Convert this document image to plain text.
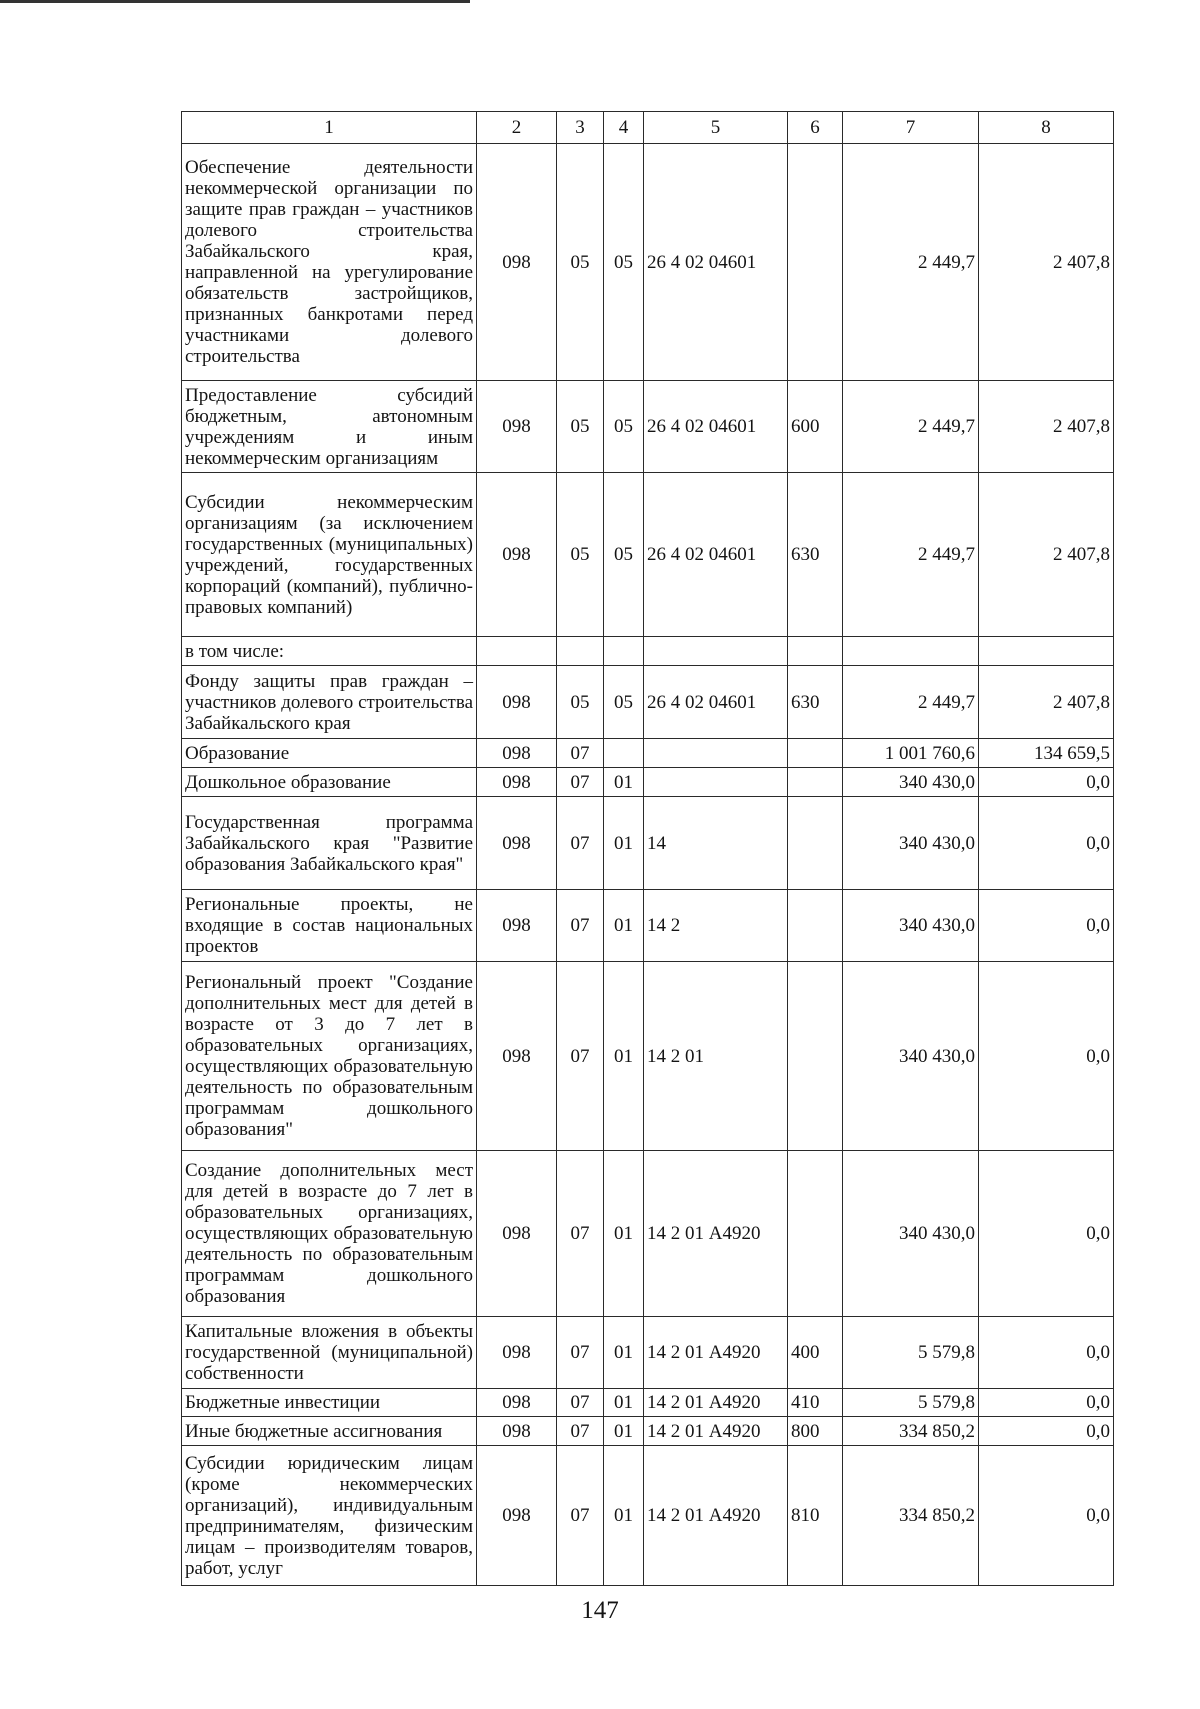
1	2	3	4	5	6	7	8
Обеспечение деятельности некоммерческой организации по защите прав граждан – участников долевого строительства Забайкальского края, направленной на урегулирование обязательств застройщиков, признанных банкротами перед участниками долевого строительства	098	05	05	26 4 02 04601		2 449,7	2 407,8
Предоставление субсидий бюджетным, автономным учреждениям и иным некоммерческим организациям	098	05	05	26 4 02 04601	600	2 449,7	2 407,8
Субсидии некоммерческим организациям (за исключением государственных (муниципальных) учреждений, государственных корпораций (компаний), публично-правовых компаний)	098	05	05	26 4 02 04601	630	2 449,7	2 407,8
в том числе:							
Фонду защиты прав граждан – участников долевого строительства Забайкальского края	098	05	05	26 4 02 04601	630	2 449,7	2 407,8
Образование	098	07				1 001 760,6	134 659,5
Дошкольное образование	098	07	01			340 430,0	0,0
Государственная программа Забайкальского края "Развитие образования Забайкальского края"	098	07	01	14		340 430,0	0,0
Региональные проекты, не входящие в состав национальных проектов	098	07	01	14 2		340 430,0	0,0
Региональный проект "Создание дополнительных мест для детей в возрасте от 3 до 7 лет в образовательных организациях, осуществляющих образовательную деятельность по образовательным программам дошкольного образования"	098	07	01	14 2 01		340 430,0	0,0
Создание дополнительных мест для детей в возрасте до 7 лет в образовательных организациях, осуществляющих образовательную деятельность по образовательным программам дошкольного образования	098	07	01	14 2 01 А4920		340 430,0	0,0
Капитальные вложения в объекты государственной (муниципальной) собственности	098	07	01	14 2 01 А4920	400	5 579,8	0,0
Бюджетные инвестиции	098	07	01	14 2 01 А4920	410	5 579,8	0,0
Иные бюджетные ассигнования	098	07	01	14 2 01 А4920	800	334 850,2	0,0
Субсидии юридическим лицам (кроме некоммерческих организаций), индивидуальным предпринимателям, физическим лицам – производителям товаров, работ, услуг	098	07	01	14 2 01 А4920	810	334 850,2	0,0
147
